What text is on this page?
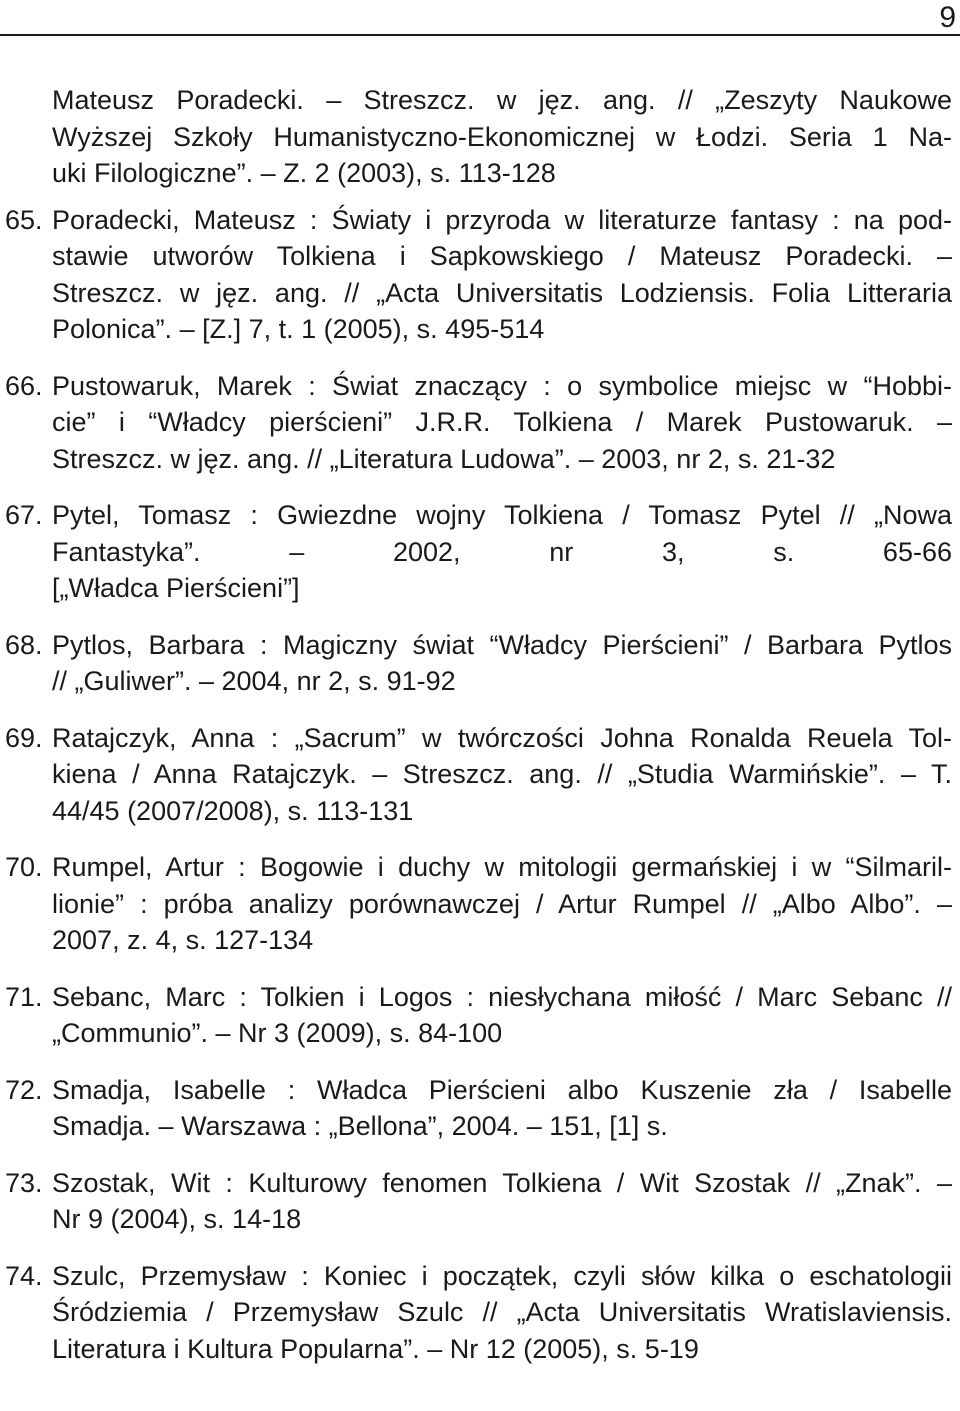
9

Mateusz Poradecki. – Streszcz. w jęz. ang. // „Zeszyty Naukowe
Wyższej Szkoły Humanistyczno-Ekonomicznej w Łodzi. Seria 1 Na-
uki Filologiczne”. – Z. 2 (2003), s. 113-128

65. Poradecki, Mateusz : Światy i przyroda w literaturze fantasy : na pod-
stawie utworów Tolkiena i Sapkowskiego / Mateusz Poradecki. –
Streszcz. w jęz. ang. // „Acta Universitatis Lodziensis. Folia Litteraria
Polonica”. – [Z.] 7, t. 1 (2005), s. 495-514

66. Pustowaruk, Marek : Świat znaczący : o symbolice miejsc w “Hobbi-
cie” i “Władcy pierścieni” J.R.R. Tolkiena / Marek Pustowaruk. –
Streszcz. w jęz. ang. // „Literatura Ludowa”. – 2003, nr 2, s. 21-32

67. Pytel, Tomasz : Gwiezdne wojny Tolkiena / Tomasz Pytel // „Nowa
Fantastyka”. – 2002, nr 3, s. 65-66
[„Władca Pierścieni”]

68. Pytlos, Barbara : Magiczny świat “Władcy Pierścieni” / Barbara Pytlos
// „Guliwer”. – 2004, nr 2, s. 91-92

69. Ratajczyk, Anna : „Sacrum” w twórczości Johna Ronalda Reuela Tol-
kiena / Anna Ratajczyk. – Streszcz. ang. // „Studia Warmińskie”. – T.
44/45 (2007/2008), s. 113-131

70. Rumpel, Artur : Bogowie i duchy w mitologii germańskiej i w “Silmaril-
lionie” : próba analizy porównawczej / Artur Rumpel // „Albo Albo”. –
2007, z. 4, s. 127-134

71. Sebanc, Marc : Tolkien i Logos : niesłychana miłość / Marc Sebanc //
„Communio”. – Nr 3 (2009), s. 84-100

72. Smadja, Isabelle : Władca Pierścieni albo Kuszenie zła / Isabelle
Smadja. – Warszawa : „Bellona”, 2004. – 151, [1] s.

73. Szostak, Wit : Kulturowy fenomen Tolkiena / Wit Szostak // „Znak”. –
Nr 9 (2004), s. 14-18

74. Szulc, Przemysław : Koniec i początek, czyli słów kilka o eschatologii
Śródziemia / Przemysław Szulc // „Acta Universitatis Wratislaviensis.
Literatura i Kultura Popularna”. – Nr 12 (2005), s. 5-19
